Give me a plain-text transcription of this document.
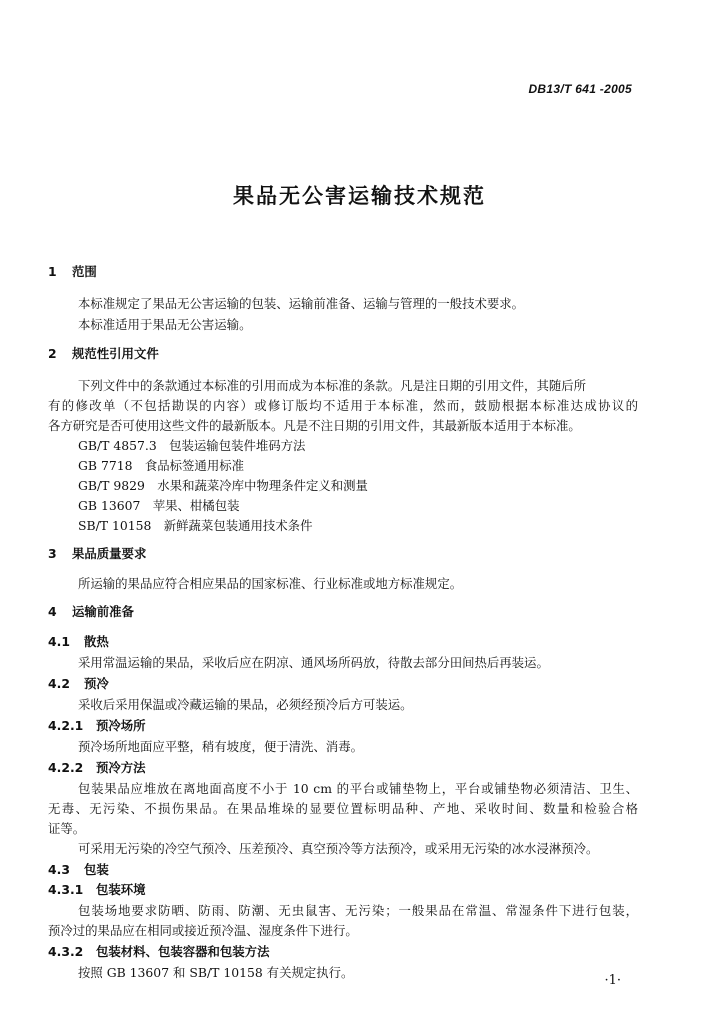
DB13/T 641 -2005
果品无公害运输技术规范
1 范围
本标准规定了果品无公害运输的包装、运输前准备、运输与管理的一般技术要求。
本标准适用于果品无公害运输。
2 规范性引用文件
下列文件中的条款通过本标准的引用而成为本标准的条款。凡是注日期的引用文件，其随后所
有的修改单（不包括勘误的内容）或修订版均不适用于本标准，然而，鼓励根据本标准达成协议的
各方研究是否可使用这些文件的最新版本。凡是不注日期的引用文件，其最新版本适用于本标准。
GB/T 4857.3　包装运输包装件堆码方法
GB 7718　食品标签通用标准
GB/T 9829　水果和蔬菜冷库中物理条件定义和测量
GB 13607　苹果、柑橘包装
SB/T 10158　新鲜蔬菜包装通用技术条件
3 果品质量要求
所运输的果品应符合相应果品的国家标准、行业标准或地方标准规定。
4 运输前准备
4.1 散热
采用常温运输的果品，采收后应在阴凉、通风场所码放，待散去部分田间热后再装运。
4.2 预冷
采收后采用保温或冷藏运输的果品，必须经预冷后方可装运。
4.2.1 预冷场所
预冷场所地面应平整，稍有坡度，便于清洗、消毒。
4.2.2 预冷方法
包装果品应堆放在离地面高度不小于 10 cm 的平台或铺垫物上，平台或铺垫物必须清洁、卫生、
无毒、无污染、不损伤果品。在果品堆垛的显要位置标明品种、产地、采收时间、数量和检验合格
证等。
可采用无污染的冷空气预冷、压差预冷、真空预冷等方法预冷，或采用无污染的冰水浸淋预冷。
4.3 包装
4.3.1 包装环境
包装场地要求防晒、防雨、防潮、无虫鼠害、无污染；一般果品在常温、常湿条件下进行包装，
预冷过的果品应在相同或接近预冷温、湿度条件下进行。
4.3.2 包装材料、包装容器和包装方法
按照 GB 13607 和 SB/T 10158 有关规定执行。
·1·
